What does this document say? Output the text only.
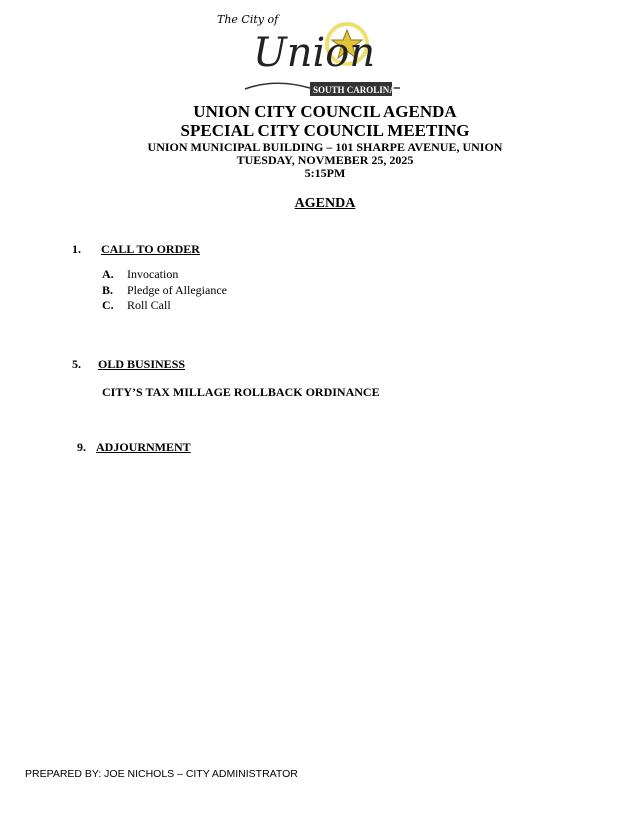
The City of
Union
SOUTH CAROLINA
UNION CITY COUNCIL AGENDA
SPECIAL CITY COUNCIL MEETING
UNION MUNICIPAL BUILDING – 101 SHARPE AVENUE, UNION
TUESDAY, NOVMEBER 25, 2025
5:15PM
AGENDA
1. CALL TO ORDER
A. Invocation
B. Pledge of Allegiance
C. Roll Call
5. OLD BUSINESS
CITY’S TAX MILLAGE ROLLBACK ORDINANCE
9. ADJOURNMENT
PREPARED BY: JOE NICHOLS – CITY ADMINISTRATOR
